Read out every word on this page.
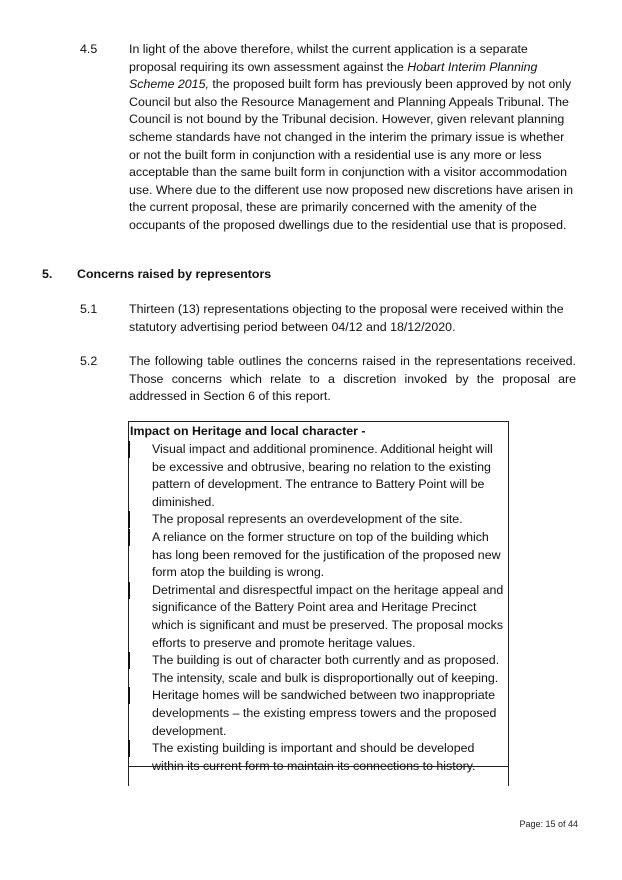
4.5	In light of the above therefore, whilst the current application is a separate proposal requiring its own assessment against the Hobart Interim Planning Scheme 2015, the proposed built form has previously been approved by not only Council but also the Resource Management and Planning Appeals Tribunal. The Council is not bound by the Tribunal decision. However, given relevant planning scheme standards have not changed in the interim the primary issue is whether or not the built form in conjunction with a residential use is any more or less acceptable than the same built form in conjunction with a visitor accommodation use. Where due to the different use now proposed new discretions have arisen in the current proposal, these are primarily concerned with the amenity of the occupants of the proposed dwellings due to the residential use that is proposed.
5. Concerns raised by representors
5.1	Thirteen (13) representations objecting to the proposal were received within the statutory advertising period between 04/12 and 18/12/2020.
5.2	The following table outlines the concerns raised in the representations received. Those concerns which relate to a discretion invoked by the proposal are addressed in Section 6 of this report.
Impact on Heritage and local character -
Visual impact and additional prominence. Additional height will be excessive and obtrusive, bearing no relation to the existing pattern of development. The entrance to Battery Point will be diminished.
The proposal represents an overdevelopment of the site.
A reliance on the former structure on top of the building which has long been removed for the justification of the proposed new form atop the building is wrong.
Detrimental and disrespectful impact on the heritage appeal and significance of the Battery Point area and Heritage Precinct which is significant and must be preserved. The proposal mocks efforts to preserve and promote heritage values.
The building is out of character both currently and as proposed. The intensity, scale and bulk is disproportionally out of keeping.
Heritage homes will be sandwiched between two inappropriate developments – the existing empress towers and the proposed development.
The existing building is important and should be developed within its current form to maintain its connections to history.
Page: 15 of 44
